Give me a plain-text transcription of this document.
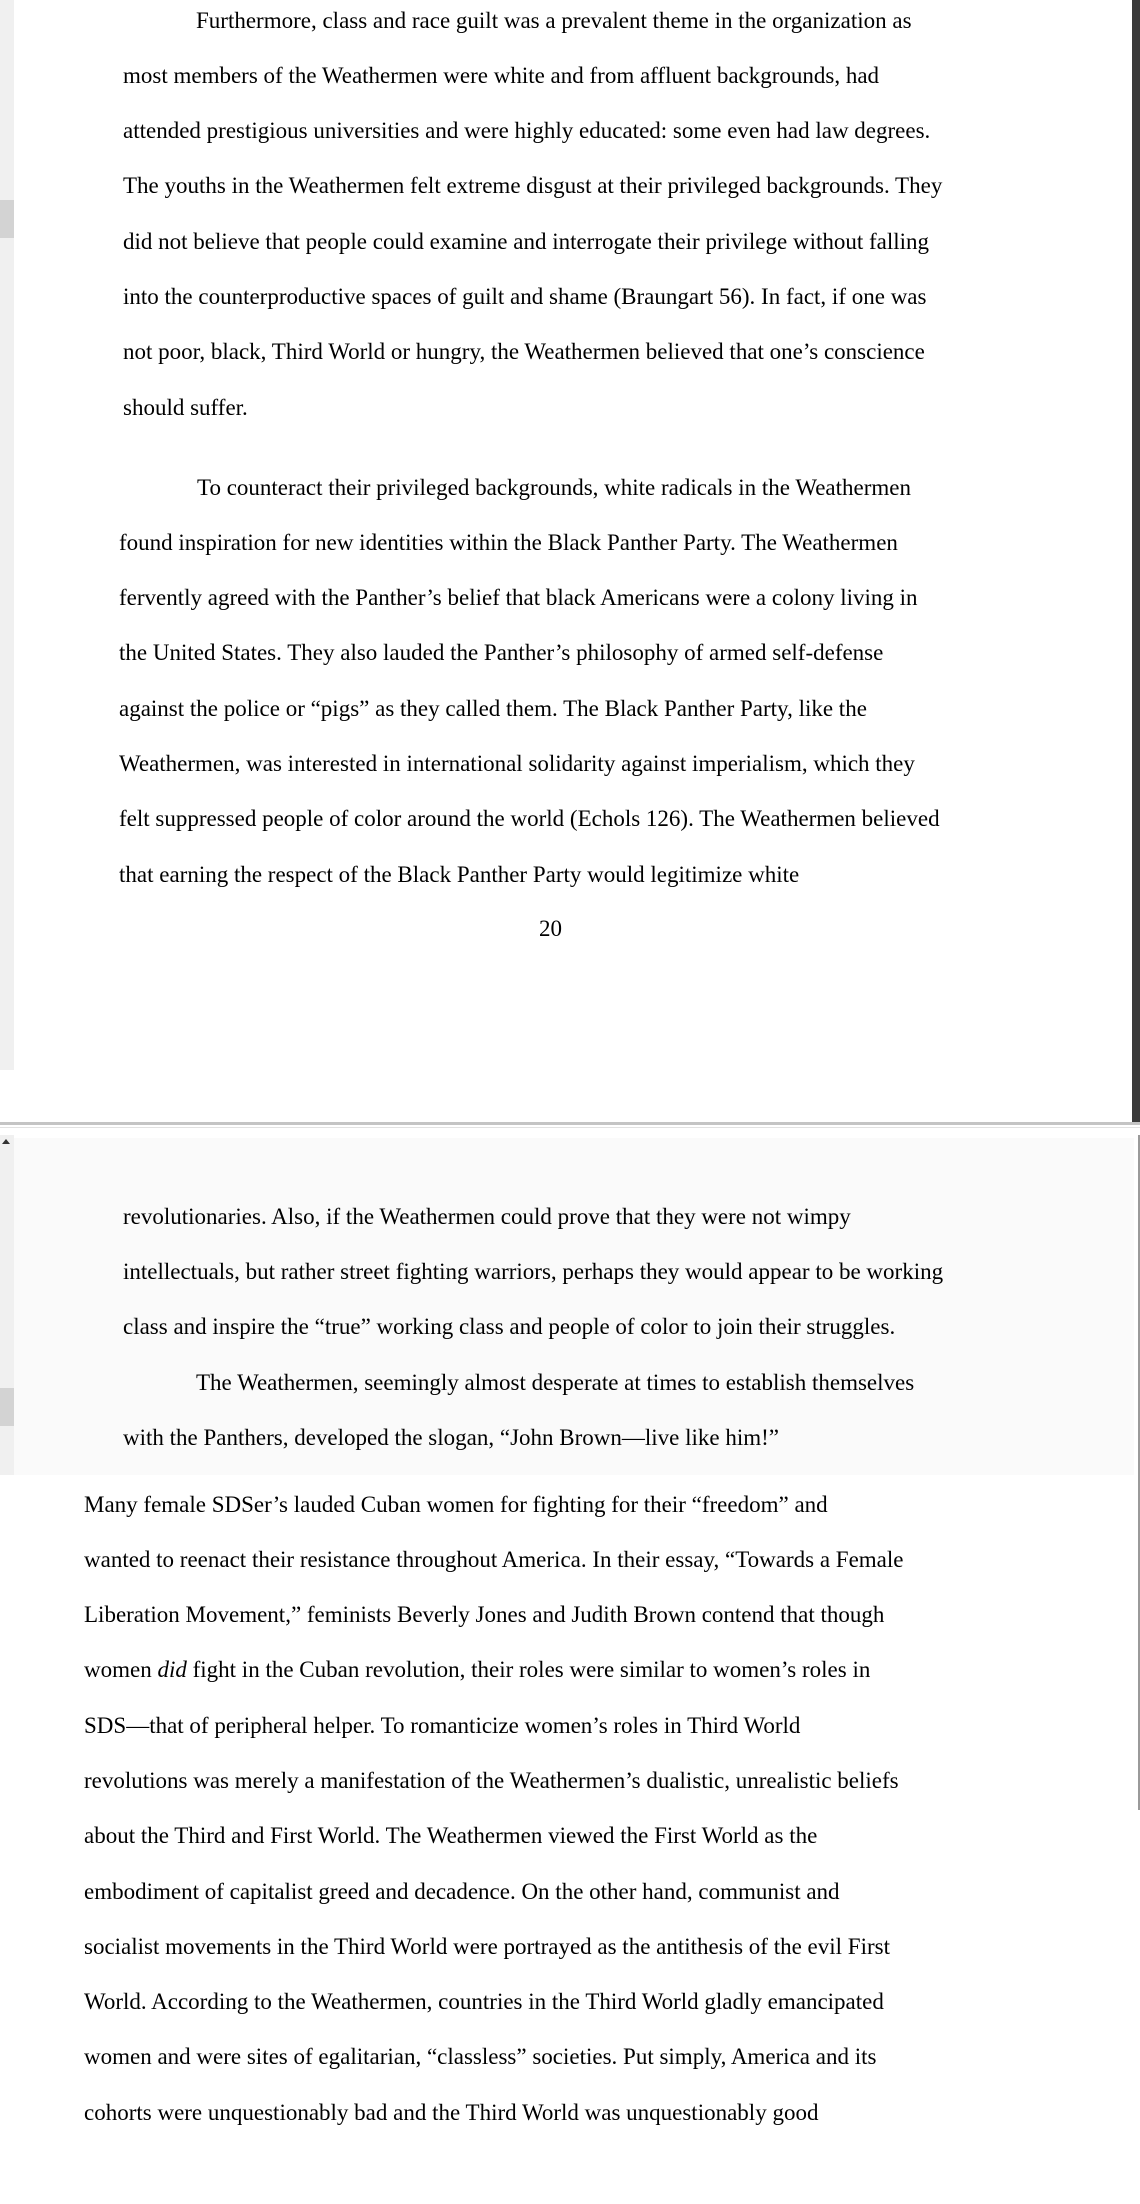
Furthermore, class and race guilt was a prevalent theme in the organization as
most members of the Weathermen were white and from affluent backgrounds, had
attended prestigious universities and were highly educated: some even had law degrees.
The youths in the Weathermen felt extreme disgust at their privileged backgrounds. They
did not believe that people could examine and interrogate their privilege without falling
into the counterproductive spaces of guilt and shame (Braungart 56). In fact, if one was
not poor, black, Third World or hungry, the Weathermen believed that one’s conscience
should suffer.
To counteract their privileged backgrounds, white radicals in the Weathermen
found inspiration for new identities within the Black Panther Party. The Weathermen
fervently agreed with the Panther’s belief that black Americans were a colony living in
the United States. They also lauded the Panther’s philosophy of armed self-defense
against the police or “pigs” as they called them. The Black Panther Party, like the
Weathermen, was interested in international solidarity against imperialism, which they
felt suppressed people of color around the world (Echols 126). The Weathermen believed
that earning the respect of the Black Panther Party would legitimize white
20
revolutionaries. Also, if the Weathermen could prove that they were not wimpy
intellectuals, but rather street fighting warriors, perhaps they would appear to be working
class and inspire the “true” working class and people of color to join their struggles.
The Weathermen, seemingly almost desperate at times to establish themselves
with the Panthers, developed the slogan, “John Brown—live like him!”
Many female SDSer’s lauded Cuban women for fighting for their “freedom” and
wanted to reenact their resistance throughout America. In their essay, “Towards a Female
Liberation Movement,” feminists Beverly Jones and Judith Brown contend that though
women did fight in the Cuban revolution, their roles were similar to women’s roles in
SDS—that of peripheral helper. To romanticize women’s roles in Third World
revolutions was merely a manifestation of the Weathermen’s dualistic, unrealistic beliefs
about the Third and First World. The Weathermen viewed the First World as the
embodiment of capitalist greed and decadence. On the other hand, communist and
socialist movements in the Third World were portrayed as the antithesis of the evil First
World. According to the Weathermen, countries in the Third World gladly emancipated
women and were sites of egalitarian, “classless” societies. Put simply, America and its
cohorts were unquestionably bad and the Third World was unquestionably good
